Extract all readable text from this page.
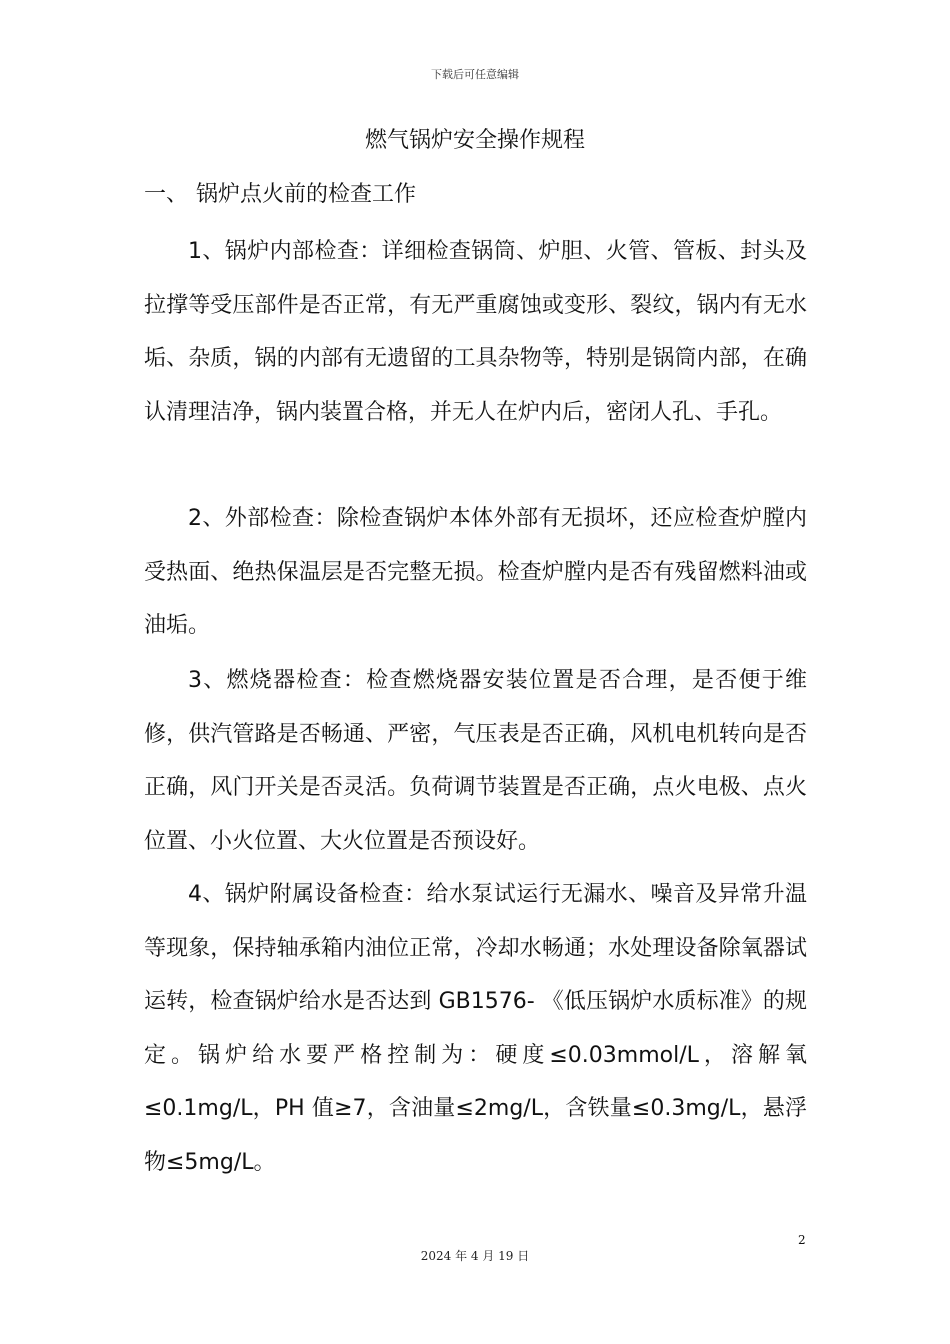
下载后可任意编辑
燃气锅炉安全操作规程
一、 锅炉点火前的检查工作
1、锅炉内部检查：详细检查锅筒、炉胆、火管、管板、封头及拉撑等受压部件是否正常，有无严重腐蚀或变形、裂纹，锅内有无水垢、杂质，锅的内部有无遗留的工具杂物等，特别是锅筒内部，在确认清理洁净，锅内装置合格，并无人在炉内后，密闭人孔、手孔。
2、外部检查：除检查锅炉本体外部有无损坏，还应检查炉膛内受热面、绝热保温层是否完整无损。检查炉膛内是否有残留燃料油或油垢。
3、燃烧器检查：检查燃烧器安装位置是否合理，是否便于维修，供汽管路是否畅通、严密，气压表是否正确，风机电机转向是否正确，风门开关是否灵活。负荷调节装置是否正确，点火电极、点火位置、小火位置、大火位置是否预设好。
4、锅炉附属设备检查：给水泵试运行无漏水、噪音及异常升温等现象，保持轴承箱内油位正常，冷却水畅通；水处理设备除氧器试运转，检查锅炉给水是否达到 GB1576- 《低压锅炉水质标准》的规定。锅炉给水要严格控制为：硬度≤0.03mmol/L，溶解氧≤0.1mg/L，PH 值≥7，含油量≤2mg/L，含铁量≤0.3mg/L，悬浮物≤5mg/L。
2
2024 年 4 月 19 日
